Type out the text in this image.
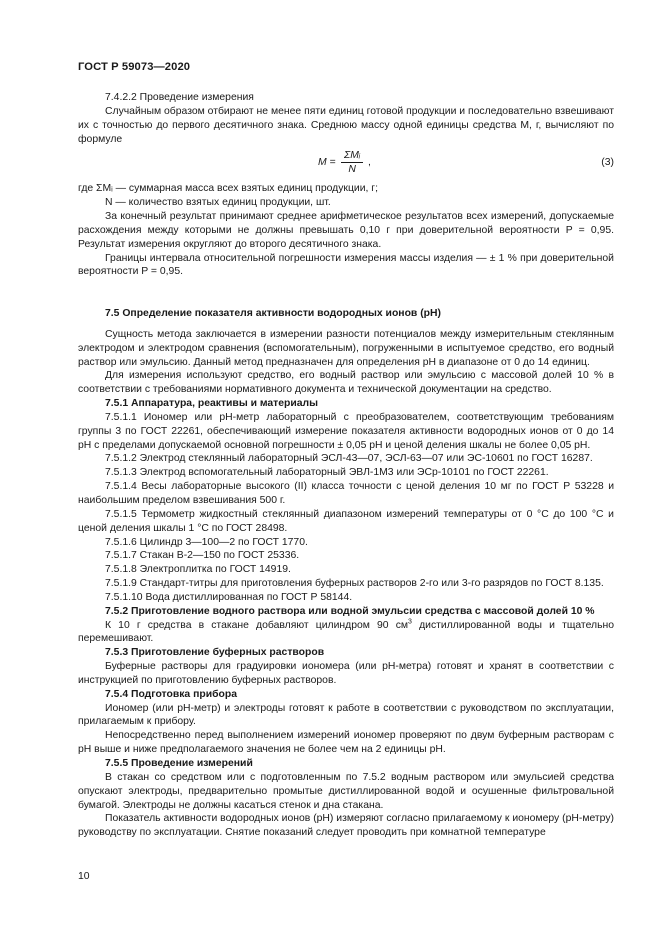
ГОСТ Р 59073—2020

7.4.2.2 Проведение измерения

Случайным образом отбирают не менее пяти единиц готовой продукции и последовательно взвешивают их с точностью до первого десятичного знака. Среднюю массу одной единицы средства М, г, вычисляют по формуле

M =
ΣMᵢ
N
,	(3)

где ΣMᵢ — суммарная масса всех взятых единиц продукции, г;

N — количество взятых единиц продукции, шт.

За конечный результат принимают среднее арифметическое результатов всех измерений, допускаемые расхождения между которыми не должны превышать 0,10 г при доверительной вероятности P = 0,95. Результат измерения округляют до второго десятичного знака.

Границы интервала относительной погрешности измерения массы изделия — ± 1 % при доверительной вероятности P = 0,95.

7.5 Определение показателя активности водородных ионов (pH)

Сущность метода заключается в измерении разности потенциалов между измерительным стеклянным электродом и электродом сравнения (вспомогательным), погруженными в испытуемое средство, его водный раствор или эмульсию. Данный метод предназначен для определения pH в диапазоне от 0 до 14 единиц.

Для измерения используют средство, его водный раствор или эмульсию с массовой долей 10 % в соответствии с требованиями нормативного документа и технической документации на средство.

7.5.1 Аппаратура, реактивы и материалы

7.5.1.1 Иономер или pH-метр лабораторный с преобразователем, соответствующим требованиям группы 3 по ГОСТ 22261, обеспечивающий измерение показателя активности водородных ионов от 0 до 14 pH с пределами допускаемой основной погрешности ± 0,05 pH и ценой деления шкалы не более 0,05 pH.

7.5.1.2 Электрод стеклянный лабораторный ЭСЛ-43—07, ЭСЛ-63—07 или ЭС-10601 по ГОСТ 16287.

7.5.1.3 Электрод вспомогательный лабораторный ЭВЛ-1М3 или ЭСр-10101 по ГОСТ 22261.

7.5.1.4 Весы лабораторные высокого (II) класса точности с ценой деления 10 мг по ГОСТ Р 53228 и наибольшим пределом взвешивания 500 г.

7.5.1.5 Термометр жидкостный стеклянный диапазоном измерений температуры от 0 °C до 100 °C и ценой деления шкалы 1 °C по ГОСТ 28498.

7.5.1.6 Цилиндр 3—100—2 по ГОСТ 1770.

7.5.1.7 Стакан В-2—150 по ГОСТ 25336.

7.5.1.8 Электроплитка по ГОСТ 14919.

7.5.1.9 Стандарт-титры для приготовления буферных растворов 2-го или 3-го разрядов по ГОСТ 8.135.

7.5.1.10 Вода дистиллированная по ГОСТ Р 58144.

7.5.2 Приготовление водного раствора или водной эмульсии средства с массовой долей 10 %

К 10 г средства в стакане добавляют цилиндром 90 $см^3$ дистиллированной воды и тщательно перемешивают.

7.5.3 Приготовление буферных растворов

Буферные растворы для градуировки иономера (или pH-метра) готовят и хранят в соответствии с инструкцией по приготовлению буферных растворов.

7.5.4 Подготовка прибора

Иономер (или pH-метр) и электроды готовят к работе в соответствии с руководством по эксплуатации, прилагаемым к прибору.

Непосредственно перед выполнением измерений иономер проверяют по двум буферным растворам с pH выше и ниже предполагаемого значения не более чем на 2 единицы pH.

7.5.5 Проведение измерений

В стакан со средством или с подготовленным по 7.5.2 водным раствором или эмульсией средства опускают электроды, предварительно промытые дистиллированной водой и осушенные фильтровальной бумагой. Электроды не должны касаться стенок и дна стакана.

Показатель активности водородных ионов (pH) измеряют согласно прилагаемому к иономеру (pH-метру) руководству по эксплуатации. Снятие показаний следует проводить при комнатной температуре

10
